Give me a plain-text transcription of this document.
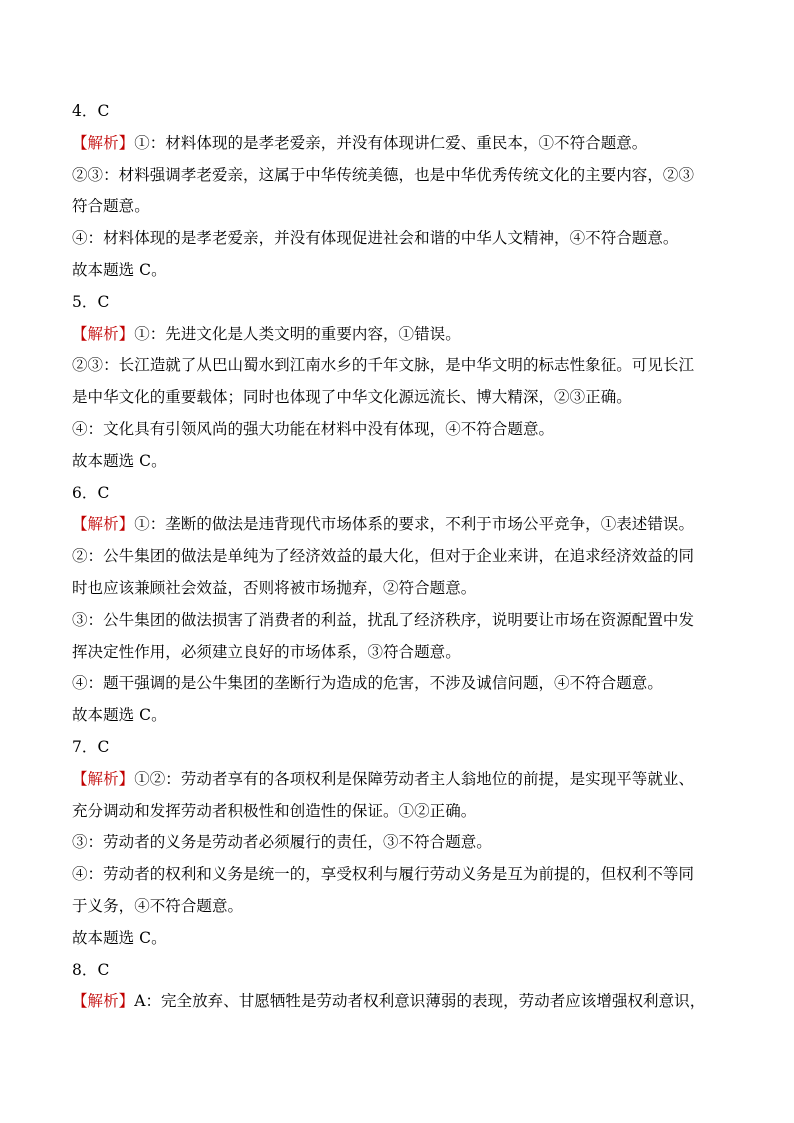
4．C
【解析】①：材料体现的是孝老爱亲，并没有体现讲仁爱、重民本，①不符合题意。
②③：材料强调孝老爱亲，这属于中华传统美德，也是中华优秀传统文化的主要内容，②③
符合题意。
④：材料体现的是孝老爱亲，并没有体现促进社会和谐的中华人文精神，④不符合题意。
故本题选 C。
5．C
【解析】①：先进文化是人类文明的重要内容，①错误。
②③：长江造就了从巴山蜀水到江南水乡的千年文脉，是中华文明的标志性象征。可见长江
是中华文化的重要载体；同时也体现了中华文化源远流长、博大精深，②③正确。
④：文化具有引领风尚的强大功能在材料中没有体现，④不符合题意。
故本题选 C。
6．C
【解析】①：垄断的做法是违背现代市场体系的要求，不利于市场公平竞争，①表述错误。
②：公牛集团的做法是单纯为了经济效益的最大化，但对于企业来讲，在追求经济效益的同
时也应该兼顾社会效益，否则将被市场抛弃，②符合题意。
③：公牛集团的做法损害了消费者的利益，扰乱了经济秩序，说明要让市场在资源配置中发
挥决定性作用，必须建立良好的市场体系，③符合题意。
④：题干强调的是公牛集团的垄断行为造成的危害，不涉及诚信问题，④不符合题意。
故本题选 C。
7．C
【解析】①②：劳动者享有的各项权利是保障劳动者主人翁地位的前提，是实现平等就业、
充分调动和发挥劳动者积极性和创造性的保证。①②正确。
③：劳动者的义务是劳动者必须履行的责任，③不符合题意。
④：劳动者的权利和义务是统一的，享受权利与履行劳动义务是互为前提的，但权利不等同
于义务，④不符合题意。
故本题选 C。
8．C
【解析】A：完全放弃、甘愿牺牲是劳动者权利意识薄弱的表现，劳动者应该增强权利意识，
